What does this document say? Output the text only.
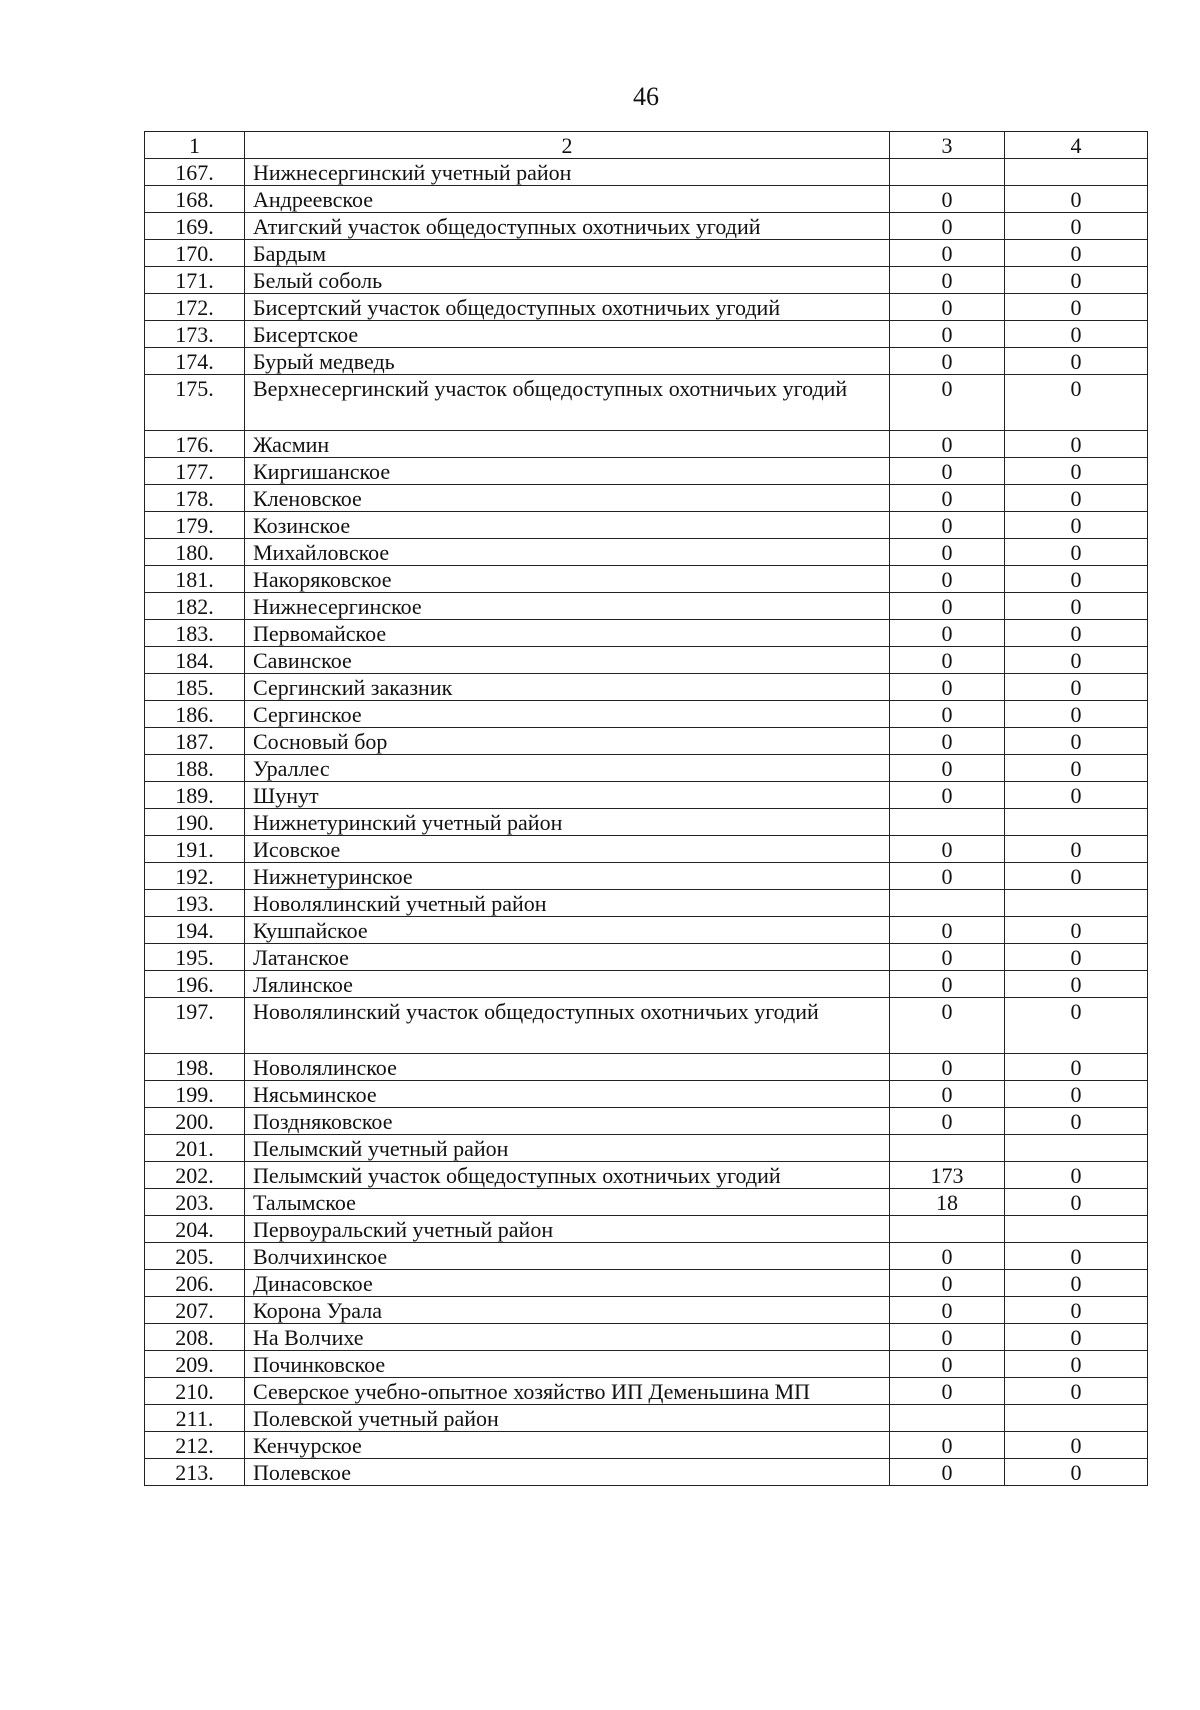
46
1	2	3	4
167.	Нижнесергинский учетный район		
168.	Андреевское	0	0
169.	Атигский участок общедоступных охотничьих угодий	0	0
170.	Бардым	0	0
171.	Белый соболь	0	0
172.	Бисертский участок общедоступных охотничьих угодий	0	0
173.	Бисертское	0	0
174.	Бурый медведь	0	0
175.	Верхнесергинский участок общедоступных охотничьих угодий	0	0
176.	Жасмин	0	0
177.	Киргишанское	0	0
178.	Кленовское	0	0
179.	Козинское	0	0
180.	Михайловское	0	0
181.	Накоряковское	0	0
182.	Нижнесергинское	0	0
183.	Первомайское	0	0
184.	Савинское	0	0
185.	Сергинский заказник	0	0
186.	Сергинское	0	0
187.	Сосновый бор	0	0
188.	Ураллес	0	0
189.	Шунут	0	0
190.	Нижнетуринский учетный район		
191.	Исовское	0	0
192.	Нижнетуринское	0	0
193.	Новолялинский учетный район		
194.	Кушпайское	0	0
195.	Латанское	0	0
196.	Лялинское	0	0
197.	Новолялинский участок общедоступных охотничьих угодий	0	0
198.	Новолялинское	0	0
199.	Нясьминское	0	0
200.	Поздняковское	0	0
201.	Пелымский учетный район		
202.	Пелымский участок общедоступных охотничьих угодий	173	0
203.	Талымское	18	0
204.	Первоуральский учетный район		
205.	Волчихинское	0	0
206.	Динасовское	0	0
207.	Корона Урала	0	0
208.	На Волчихе	0	0
209.	Починковское	0	0
210.	Северское учебно-опытное хозяйство ИП Деменьшина МП	0	0
211.	Полевской учетный район		
212.	Кенчурское	0	0
213.	Полевское	0	0
